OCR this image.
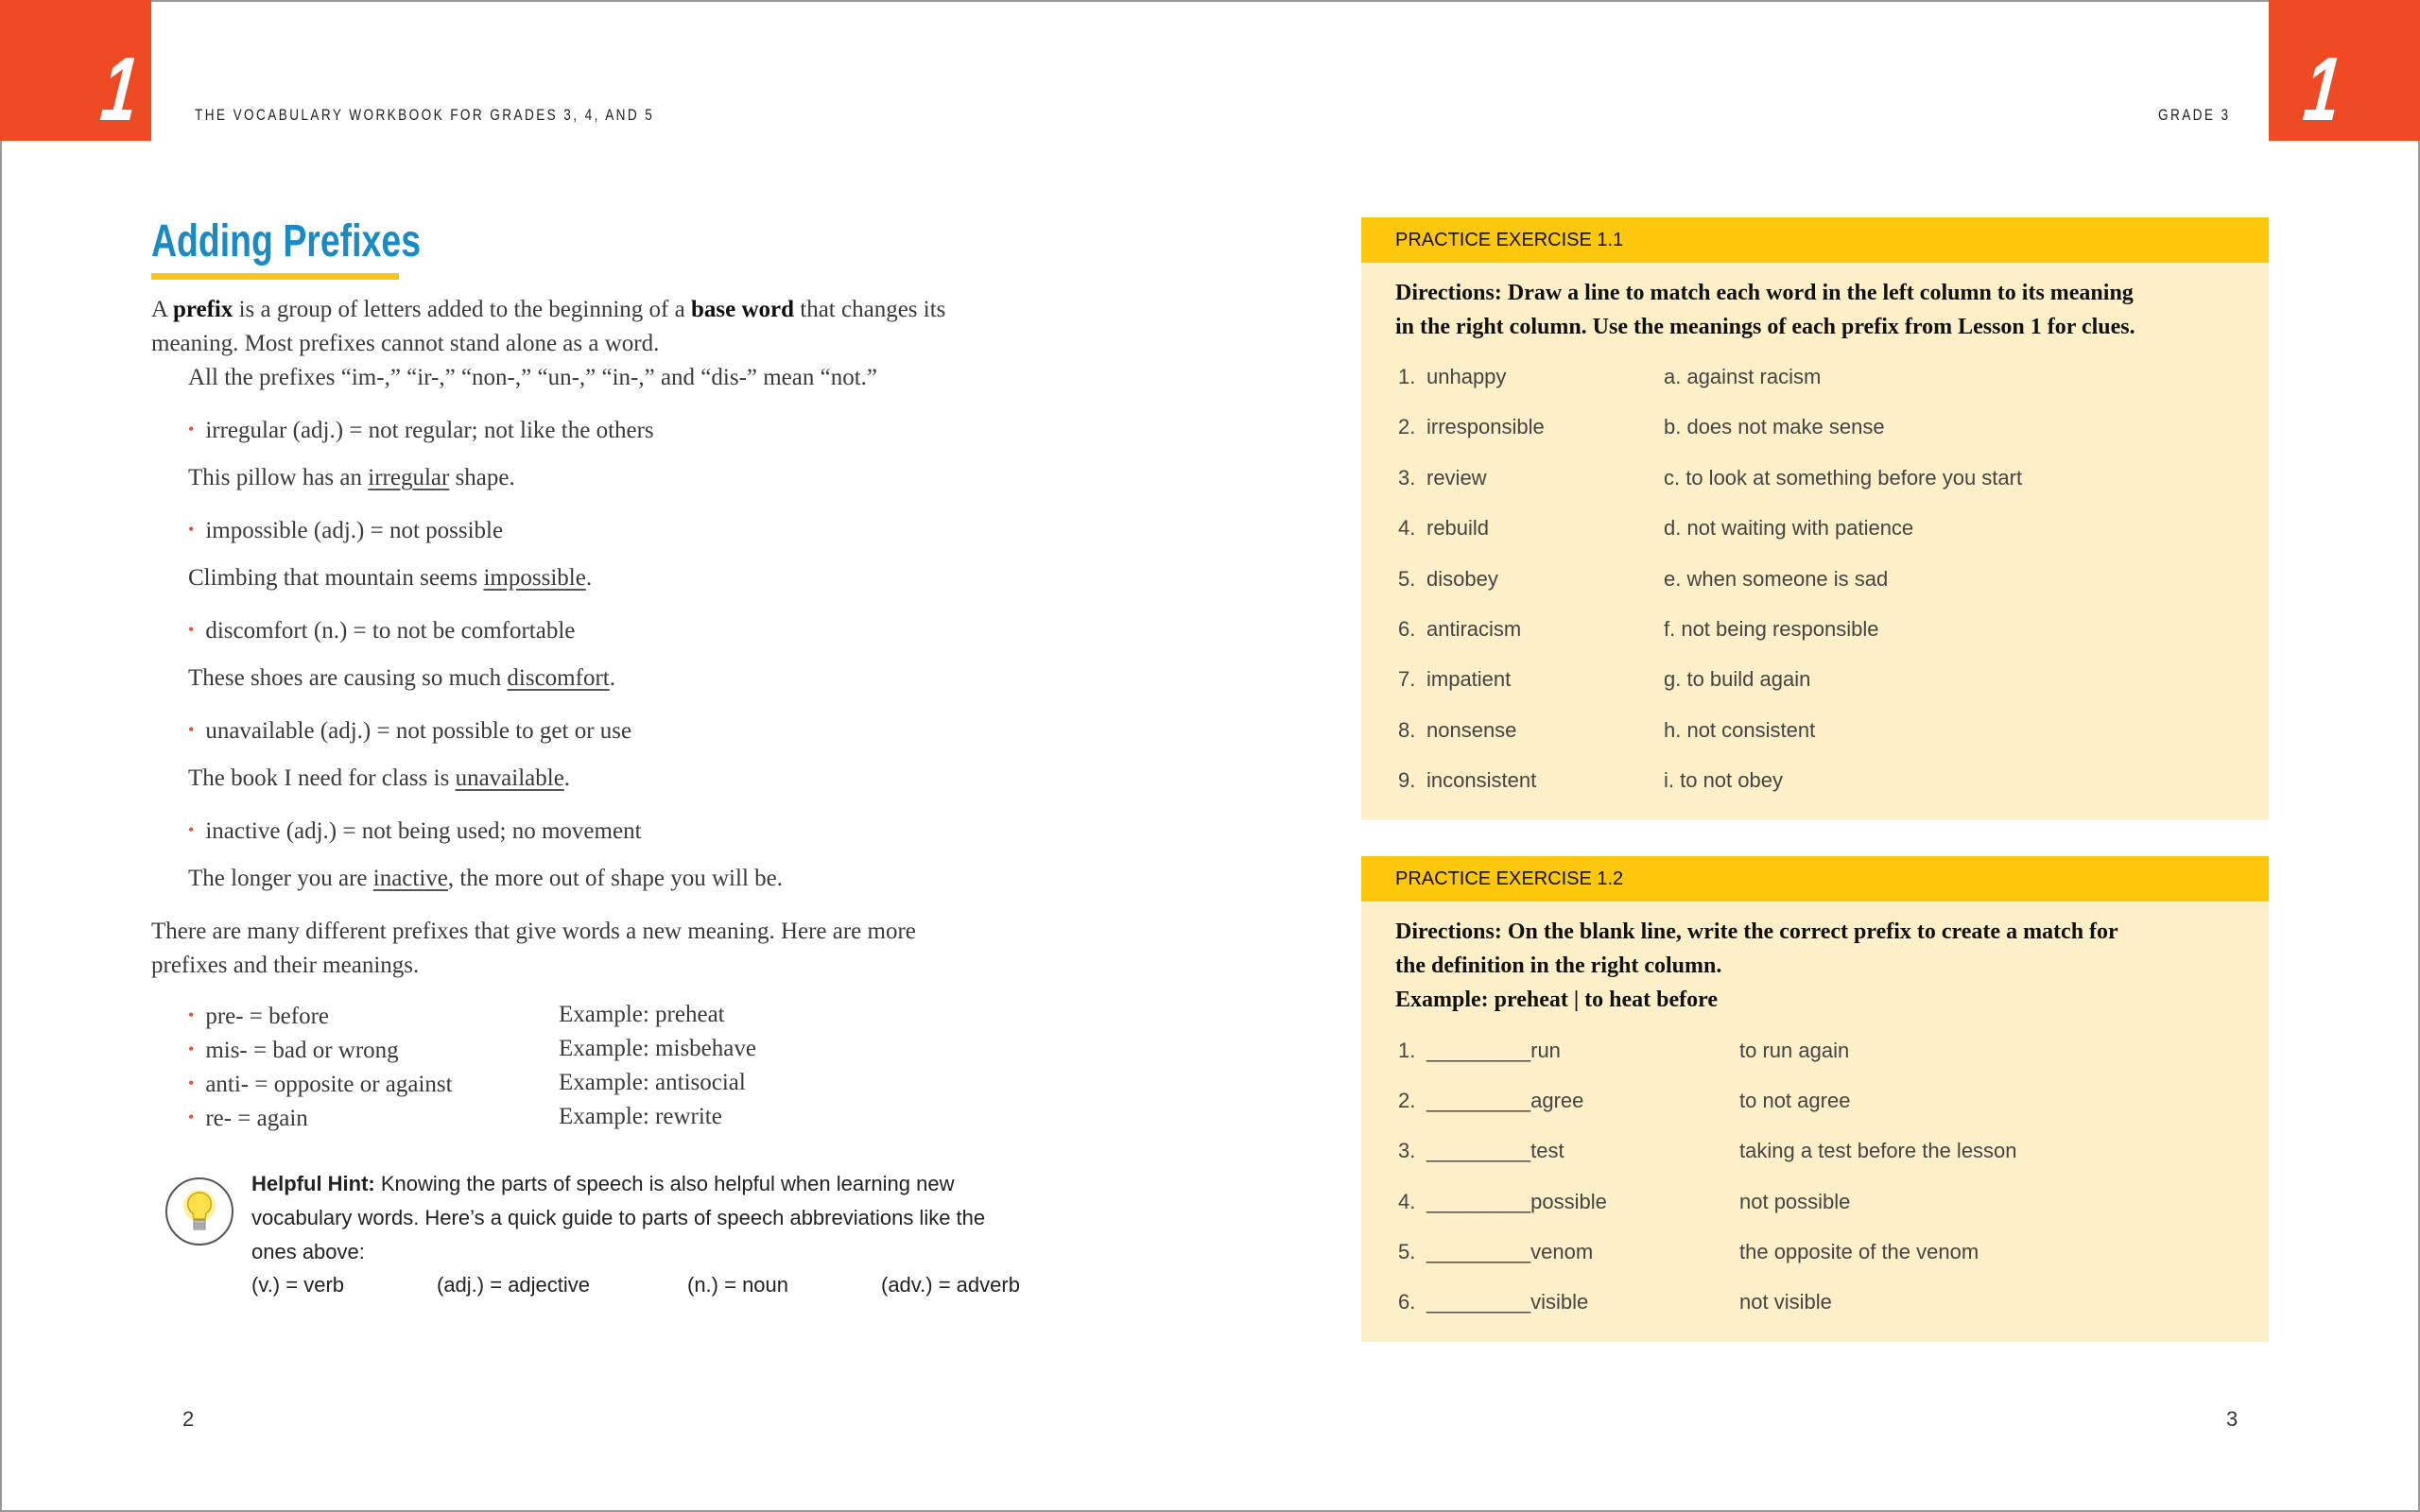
1	1
THE VOCABULARY WORKBOOK FOR GRADES 3, 4, AND 5	GRADE 3
Adding Prefixes
A prefix is a group of letters added to the beginning of a base word that changes its
meaning. Most prefixes cannot stand alone as a word.
All the prefixes “im-,” “ir-,” “non-,” “un-,” “in-,” and “dis-” mean “not.”
• irregular (adj.) = not regular; not like the others
This pillow has an irregular shape.
• impossible (adj.) = not possible
Climbing that mountain seems impossible.
• discomfort (n.) = to not be comfortable
These shoes are causing so much discomfort.
• unavailable (adj.) = not possible to get or use
The book I need for class is unavailable.
• inactive (adj.) = not being used; no movement
The longer you are inactive, the more out of shape you will be.
There are many different prefixes that give words a new meaning. Here are more
prefixes and their meanings.
• pre- = before	Example: preheat
• mis- = bad or wrong	Example: misbehave
• anti- = opposite or against	Example: antisocial
• re- = again	Example: rewrite
Helpful Hint: Knowing the parts of speech is also helpful when learning new
vocabulary words. Here’s a quick guide to parts of speech abbreviations like the
ones above:
(v.) = verb	(adj.) = adjective	(n.) = noun	(adv.) = adverb
2
PRACTICE EXERCISE 1.1
Directions: Draw a line to match each word in the left column to its meaning
in the right column. Use the meanings of each prefix from Lesson 1 for clues.
1. unhappy	a. against racism
2. irresponsible	b. does not make sense
3. review	c. to look at something before you start
4. rebuild	d. not waiting with patience
5. disobey	e. when someone is sad
6. antiracism	f. not being responsible
7. impatient	g. to build again
8. nonsense	h. not consistent
9. inconsistent	i. to not obey
PRACTICE EXERCISE 1.2
Directions: On the blank line, write the correct prefix to create a match for
the definition in the right column.
Example: preheat | to heat before
1. _________run	to run again
2. _________agree	to not agree
3. _________test	taking a test before the lesson
4. _________possible	not possible
5. _________venom	the opposite of the venom
6. _________visible	not visible
3
